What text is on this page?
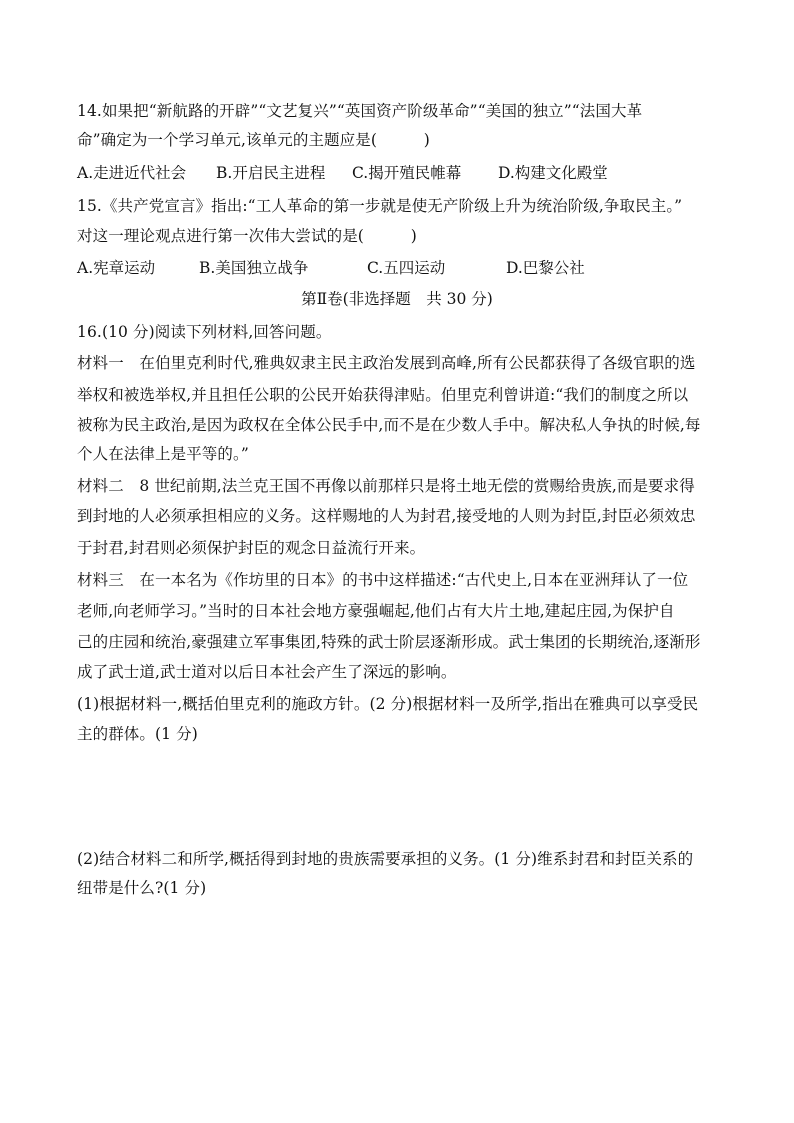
14.如果把“新航路的开辟”“文艺复兴”“英国资产阶级革命”“美国的独立”“法国大革
命”确定为一个学习单元,该单元的主题应是(　　　)
A.走进近代社会 B.开启民主进程 C.揭开殖民帷幕 D.构建文化殿堂
15.《共产党宣言》指出:“工人革命的第一步就是使无产阶级上升为统治阶级,争取民主。”
对这一理论观点进行第一次伟大尝试的是(　　　)
A.宪章运动	B.美国独立战争	C.五四运动	D.巴黎公社
第Ⅱ卷(非选择题　共 30 分)
16.(10 分)阅读下列材料,回答问题。
材料一　在伯里克利时代,雅典奴隶主民主政治发展到高峰,所有公民都获得了各级官职的选
举权和被选举权,并且担任公职的公民开始获得津贴。伯里克利曾讲道:“我们的制度之所以
被称为民主政治,是因为政权在全体公民手中,而不是在少数人手中。解决私人争执的时候,每
个人在法律上是平等的。”
材料二　8 世纪前期,法兰克王国不再像以前那样只是将土地无偿的赏赐给贵族,而是要求得
到封地的人必须承担相应的义务。这样赐地的人为封君,接受地的人则为封臣,封臣必须效忠
于封君,封君则必须保护封臣的观念日益流行开来。
材料三　在一本名为《作坊里的日本》的书中这样描述:“古代史上,日本在亚洲拜认了一位
老师,向老师学习。”当时的日本社会地方豪强崛起,他们占有大片土地,建起庄园,为保护自
己的庄园和统治,豪强建立军事集团,特殊的武士阶层逐渐形成。武士集团的长期统治,逐渐形
成了武士道,武士道对以后日本社会产生了深远的影响。
(1)根据材料一,概括伯里克利的施政方针。(2 分)根据材料一及所学,指出在雅典可以享受民
主的群体。(1 分)
(2)结合材料二和所学,概括得到封地的贵族需要承担的义务。(1 分)维系封君和封臣关系的
纽带是什么?(1 分)
